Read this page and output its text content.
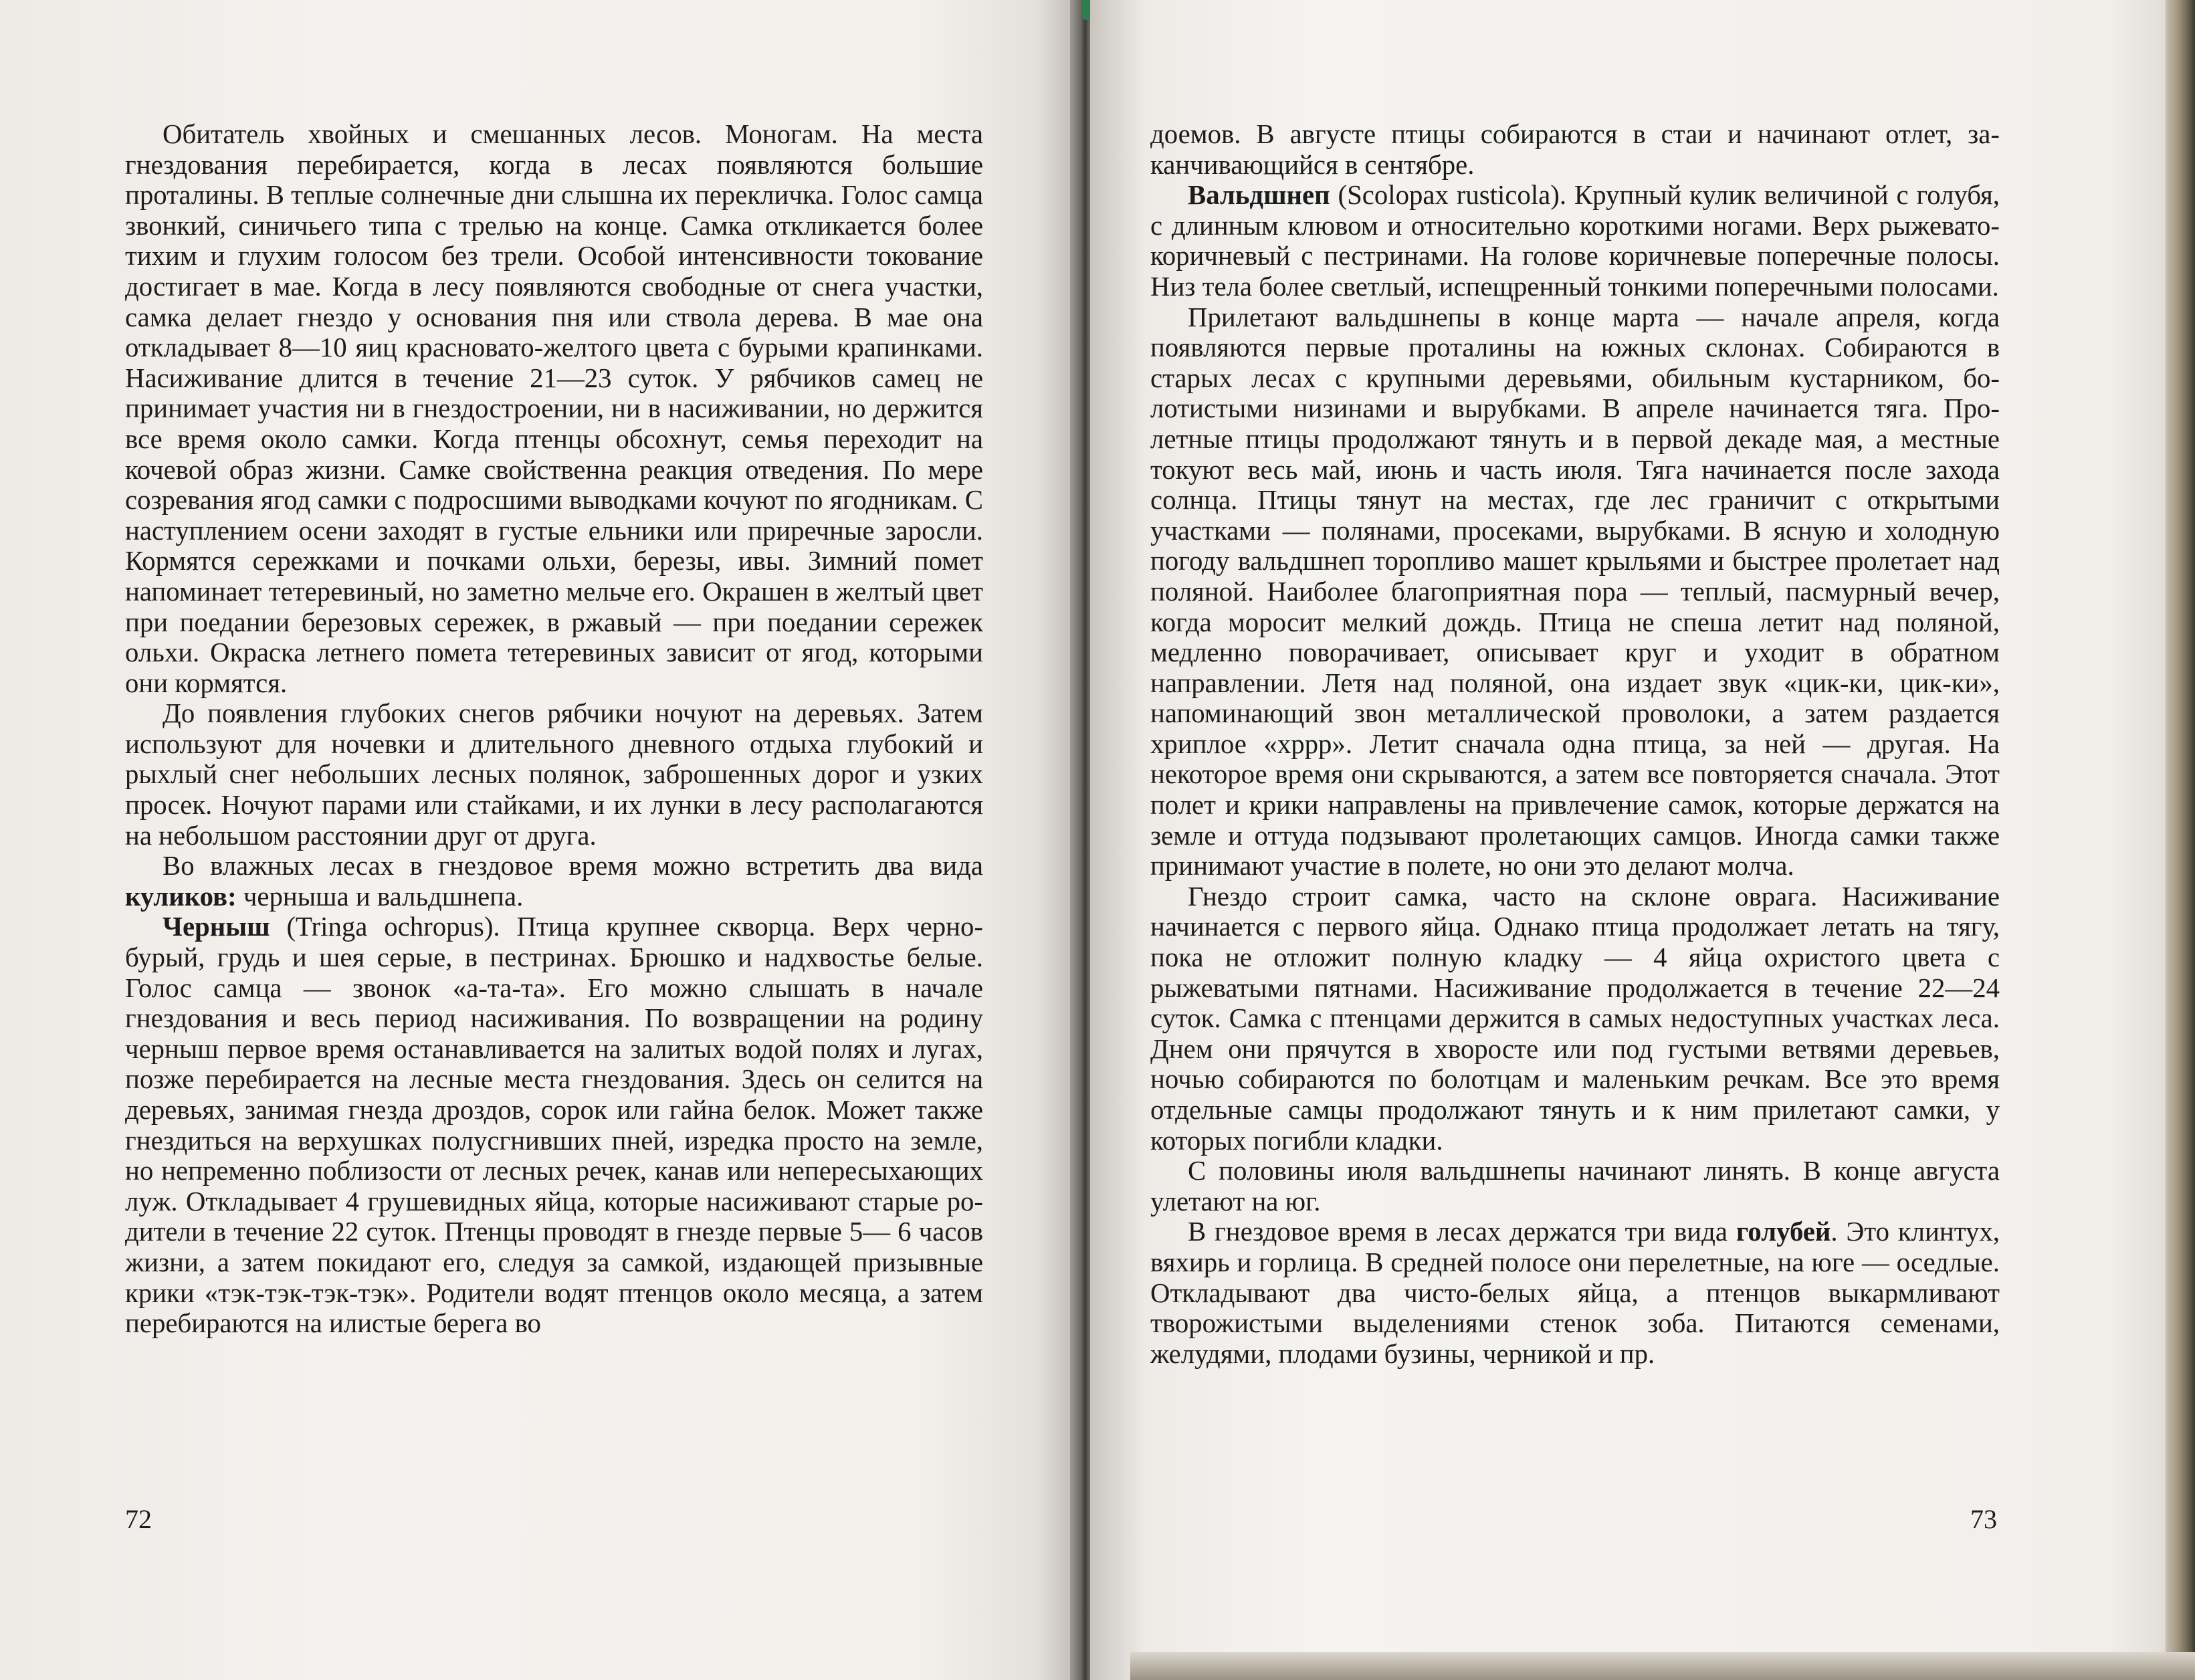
Обитатель хвойных и смешанных лесов. Моногам. На места гнездования перебирается, когда в лесах появляются большие проталины. В теплые солнечные дни слышна их перекличка. Голос самца звонкий, синичьего типа с трелью на конце. Самка откликается более тихим и глухим голосом без трели. Особой интенсивности токование достигает в мае. Когда в лесу появляются свободные от снега участки, самка делает гнездо у основания пня или ствола дерева. В мае она откладывает 8—10 яиц красновато-желтого цвета с бурыми крапинками. Насиживание длится в течение 21—23 суток. У рябчиков самец не принимает участия ни в гнездостроении, ни в насиживании, но держится все время около самки. Когда птенцы обсохнут, семья переходит на кочевой образ жизни. Самке свойственна реакция отведения. По мере созревания ягод самки с подросшими выводками кочуют по ягодникам. С наступлением осени заходят в густые ельники или приречные заросли. Кормятся сережками и почками ольхи, березы, ивы. Зимний помет напоминает тетеревиный, но заметно мельче его. Окрашен в желтый цвет при поедании березовых сережек, в ржавый — при поедании сережек ольхи. Окраска летнего помета тетеревиных зависит от ягод, которыми они кормятся.

До появления глубоких снегов рябчики ночуют на деревьях. Затем используют для ночевки и длительного дневного отдыха глубокий и рыхлый снег небольших лесных полянок, заброшенных дорог и узких просек. Ночуют парами или стайками, и их лунки в лесу располагаются на небольшом расстоянии друг от друга.

Во влажных лесах в гнездовое время можно встретить два вида куликов: черныша и вальдшнепа.

Черныш (Tringa ochropus). Птица крупнее скворца. Верх чернобурый, грудь и шея серые, в пестринах. Брюшко и надхвостье белые. Голос самца — звонок «а-та-та». Его можно слышать в начале гнездования и весь период насиживания. По возвращении на родину черныш первое время останавливается на залитых водой полях и лугах, позже перебирается на лесные места гнездования. Здесь он селится на деревьях, занимая гнезда дроздов, сорок или гайна белок. Может также гнездиться на верхушках полусгнивших пней, изредка просто на земле, но непременно поблизости от лесных речек, канав или непересыхающих луж. Откладывает 4 грушевидных яйца, которые насиживают старые родители в течение 22 суток. Птенцы проводят в гнезде первые 5— 6 часов жизни, а затем покидают его, следуя за самкой, издающей призывные крики «тэк-тэк-тэк-тэк». Родители водят птенцов около месяца, а затем перебираются на илистые берега во

72

доемов. В августе птицы собираются в стаи и начинают отлет, заканчивающийся в сентябре.

Вальдшнеп (Scolopax rusticola). Крупный кулик величиной с голубя, с длинным клювом и относительно короткими ногами. Верх рыжевато-коричневый с пестринами. На голове коричневые поперечные полосы. Низ тела более светлый, испещренный тонкими поперечными полосами.

Прилетают вальдшнепы в конце марта — начале апреля, когда появляются первые проталины на южных склонах. Собираются в старых лесах с крупными деревьями, обильным кустарником, болотистыми низинами и вырубками. В апреле начинается тяга. Пролетные птицы продолжают тянуть и в первой декаде мая, а местные токуют весь май, июнь и часть июля. Тяга начинается после захода солнца. Птицы тянут на местах, где лес граничит с открытыми участками — полянами, просеками, вырубками. В ясную и холодную погоду вальдшнеп торопливо машет крыльями и быстрее пролетает над поляной. Наиболее благоприятная пора — теплый, пасмурный вечер, когда моросит мелкий дождь. Птица не спеша летит над поляной, медленно поворачивает, описывает круг и уходит в обратном направлении. Летя над поляной, она издает звук «цик-ки, цик-ки», напоминающий звон металлической проволоки, а затем раздается хриплое «хррр». Летит сначала одна птица, за ней — другая. На некоторое время они скрываются, а затем все повторяется сначала. Этот полет и крики направлены на привлечение самок, которые держатся на земле и оттуда подзывают пролетающих самцов. Иногда самки также принимают участие в полете, но они это делают молча.

Гнездо строит самка, часто на склоне оврага. Насиживание начинается с первого яйца. Однако птица продолжает летать на тягу, пока не отложит полную кладку — 4 яйца охристого цвета с рыжеватыми пятнами. Насиживание продолжается в течение 22—24 суток. Самка с птенцами держится в самых недоступных участках леса. Днем они прячутся в хворосте или под густыми ветвями деревьев, ночью собираются по болотцам и маленьким речкам. Все это время отдельные самцы продолжают тянуть и к ним прилетают самки, у которых погибли кладки.

С половины июля вальдшнепы начинают линять. В конце августа улетают на юг.

В гнездовое время в лесах держатся три вида голубей. Это клинтух, вяхирь и горлица. В средней полосе они перелетные, на юге — оседлые. Откладывают два чисто-белых яйца, а птенцов выкармливают творожистыми выделениями стенок зоба. Питаются семенами, желудями, плодами бузины, черникой и пр.

73
